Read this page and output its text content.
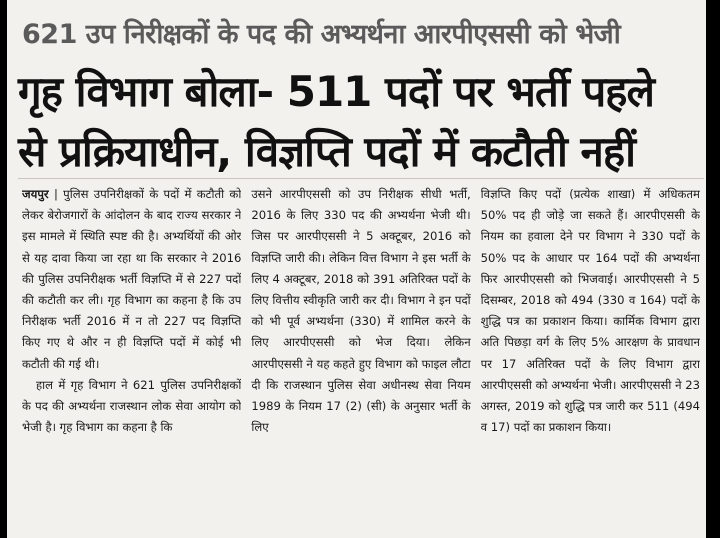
621 उप निरीक्षकों के पद की अभ्यर्थना आरपीएससी को भेजी
गृह विभाग बोला- 511 पदों पर भर्ती पहले
से प्रक्रियाधीन, विज्ञप्ति पदों में कटौती नहीं

जयपुर | पुलिस उपनिरीक्षकों के पदों में कटौती को लेकर बेरोजगारों के आंदोलन के बाद राज्य सरकार ने इस मामले में स्थिति स्पष्ट की है। अभ्यर्थियों की ओर से यह दावा किया जा रहा था कि सरकार ने 2016 की पुलिस उपनिरीक्षक भर्ती विज्ञप्ति में से 227 पदों की कटौती कर ली। गृह विभाग का कहना है कि उप निरीक्षक भर्ती 2016 में न तो 227 पद विज्ञप्ति किए गए थे और न ही विज्ञप्ति पदों में कोई भी कटौती की गई थी।

हाल में गृह विभाग ने 621 पुलिस उपनिरीक्षकों के पद की अभ्यर्थना राजस्थान लोक सेवा आयोग को भेजी है। गृह विभाग का कहना है कि

उसने आरपीएससी को उप निरीक्षक सीधी भर्ती, 2016 के लिए 330 पद की अभ्यर्थना भेजी थी। जिस पर आरपीएससी ने 5 अक्टूबर, 2016 को विज्ञप्ति जारी की। लेकिन वित्त विभाग ने इस भर्ती के लिए 4 अक्टूबर, 2018 को 391 अतिरिक्त पदों के लिए वित्तीय स्वीकृति जारी कर दी। विभाग ने इन पदों को भी पूर्व अभ्यर्थना (330) में शामिल करने के लिए आरपीएससी को भेज दिया। लेकिन आरपीएससी ने यह कहते हुए विभाग को फाइल लौटा दी कि राजस्थान पुलिस सेवा अधीनस्थ सेवा नियम 1989 के नियम 17 (2) (सी) के अनुसार भर्ती के लिए

विज्ञप्ति किए पदों (प्रत्येक शाखा) में अधिकतम 50% पद ही जोड़े जा सकते हैं। आरपीएससी के नियम का हवाला देने पर विभाग ने 330 पदों के 50% पद के आधार पर 164 पदों की अभ्यर्थना फिर आरपीएससी को भिजवाई। आरपीएससी ने 5 दिसम्बर, 2018 को 494 (330 व 164) पदों के शुद्धि पत्र का प्रकाशन किया। कार्मिक विभाग द्वारा अति पिछड़ा वर्ग के लिए 5% आरक्षण के प्रावधान पर 17 अतिरिक्त पदों के लिए विभाग द्वारा आरपीएससी को अभ्यर्थना भेजी। आरपीएससी ने 23 अगस्त, 2019 को शुद्धि पत्र जारी कर 511 (494 व 17) पदों का प्रकाशन किया।
